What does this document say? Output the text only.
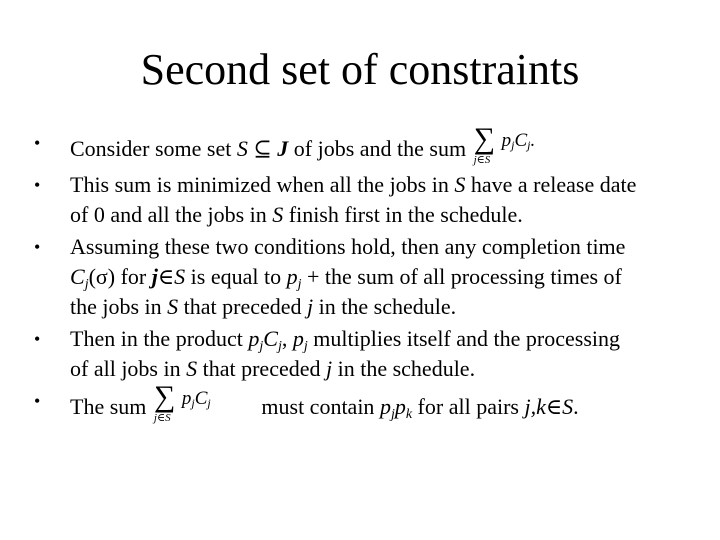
Second set of constraints
• Consider some set S ⊆ J of jobs and the sum ∑
j∈S
$p_jC_j$.
• This sum is minimized when all the jobs in S have a release date
of 0 and all the jobs in S finish first in the schedule.
• Assuming these two conditions hold, then any completion time
$C_j(\sigma)$ for j∈S is equal to $p_j$ + the sum of all processing times of
the jobs in S that preceded j in the schedule.
• Then in the product $p_jC_j$, $p_j$ multiplies itself and the processing
of all jobs in S that preceded j in the schedule.
• The sum ∑
j∈S
$p_jC_j$ must contain $p_jp_k$ for all pairs j,k∈S.
